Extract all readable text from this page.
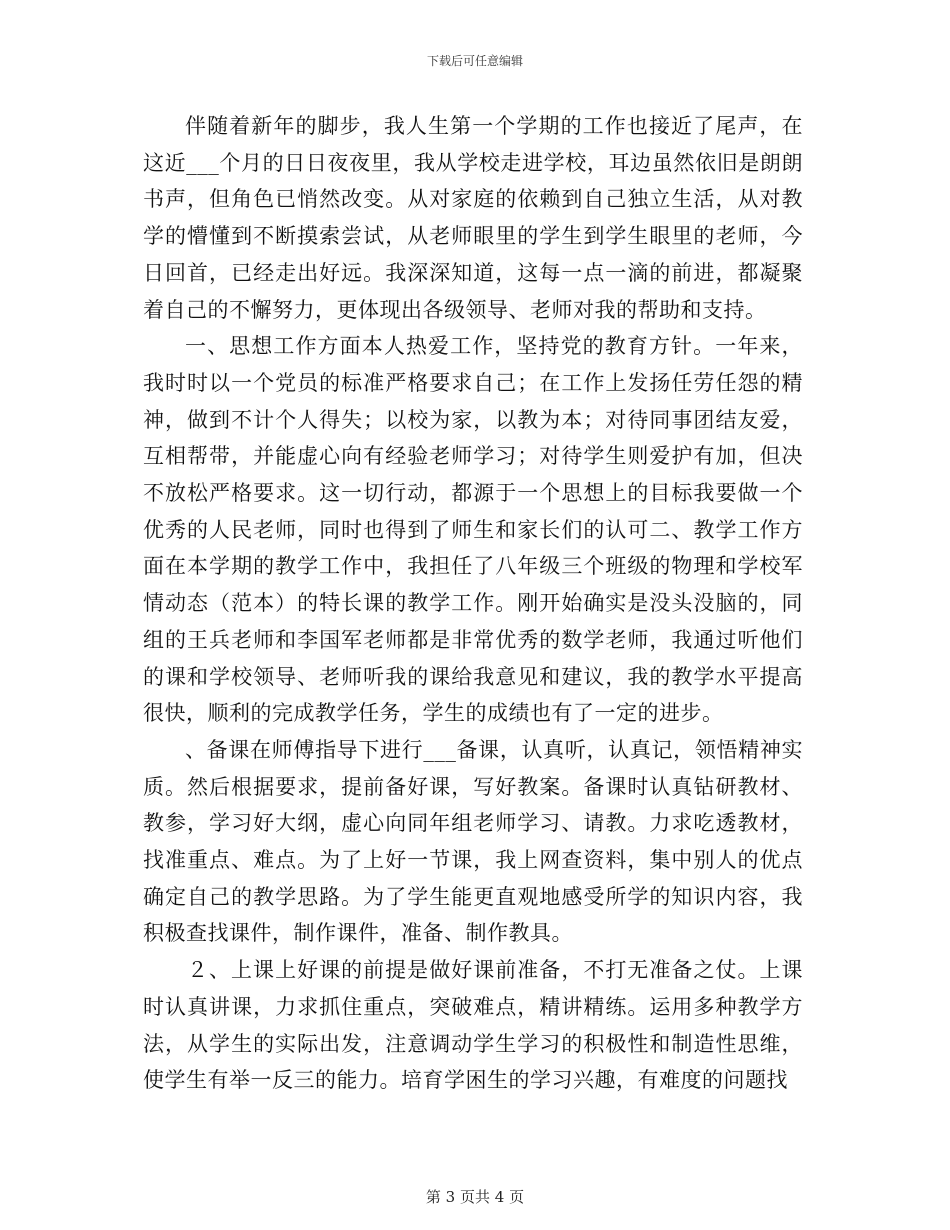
下载后可任意编辑

伴随着新年的脚步，我人生第一个学期的工作也接近了尾声，在这近___个月的日日夜夜里，我从学校走进学校，耳边虽然依旧是朗朗书声，但角色已悄然改变。从对家庭的依赖到自己独立生活，从对教学的懵懂到不断摸索尝试，从老师眼里的学生到学生眼里的老师，今日回首，已经走出好远。我深深知道，这每一点一滴的前进，都凝聚着自己的不懈努力，更体现出各级领导、老师对我的帮助和支持。

一、思想工作方面本人热爱工作，坚持党的教育方针。一年来，我时时以一个党员的标准严格要求自己；在工作上发扬任劳任怨的精神，做到不计个人得失；以校为家，以教为本；对待同事团结友爱，互相帮带，并能虚心向有经验老师学习；对待学生则爱护有加，但决不放松严格要求。这一切行动，都源于一个思想上的目标我要做一个优秀的人民老师，同时也得到了师生和家长们的认可二、教学工作方面在本学期的教学工作中，我担任了八年级三个班级的物理和学校军情动态（范本）的特长课的教学工作。刚开始确实是没头没脑的，同组的王兵老师和李国军老师都是非常优秀的数学老师，我通过听他们的课和学校领导、老师听我的课给我意见和建议，我的教学水平提高很快，顺利的完成教学任务，学生的成绩也有了一定的进步。

、备课在师傅指导下进行___备课，认真听，认真记，领悟精神实质。然后根据要求，提前备好课，写好教案。备课时认真钻研教材、教参，学习好大纲，虚心向同年组老师学习、请教。力求吃透教材，找准重点、难点。为了上好一节课，我上网查资料，集中别人的优点确定自己的教学思路。为了学生能更直观地感受所学的知识内容，我积极查找课件，制作课件，准备、制作教具。

２、上课上好课的前提是做好课前准备，不打无准备之仗。上课时认真讲课，力求抓住重点，突破难点，精讲精练。运用多种教学方法，从学生的实际出发，注意调动学生学习的积极性和制造性思维，使学生有举一反三的能力。培育学困生的学习兴趣，有难度的问题找

第 3 页共 4 页
